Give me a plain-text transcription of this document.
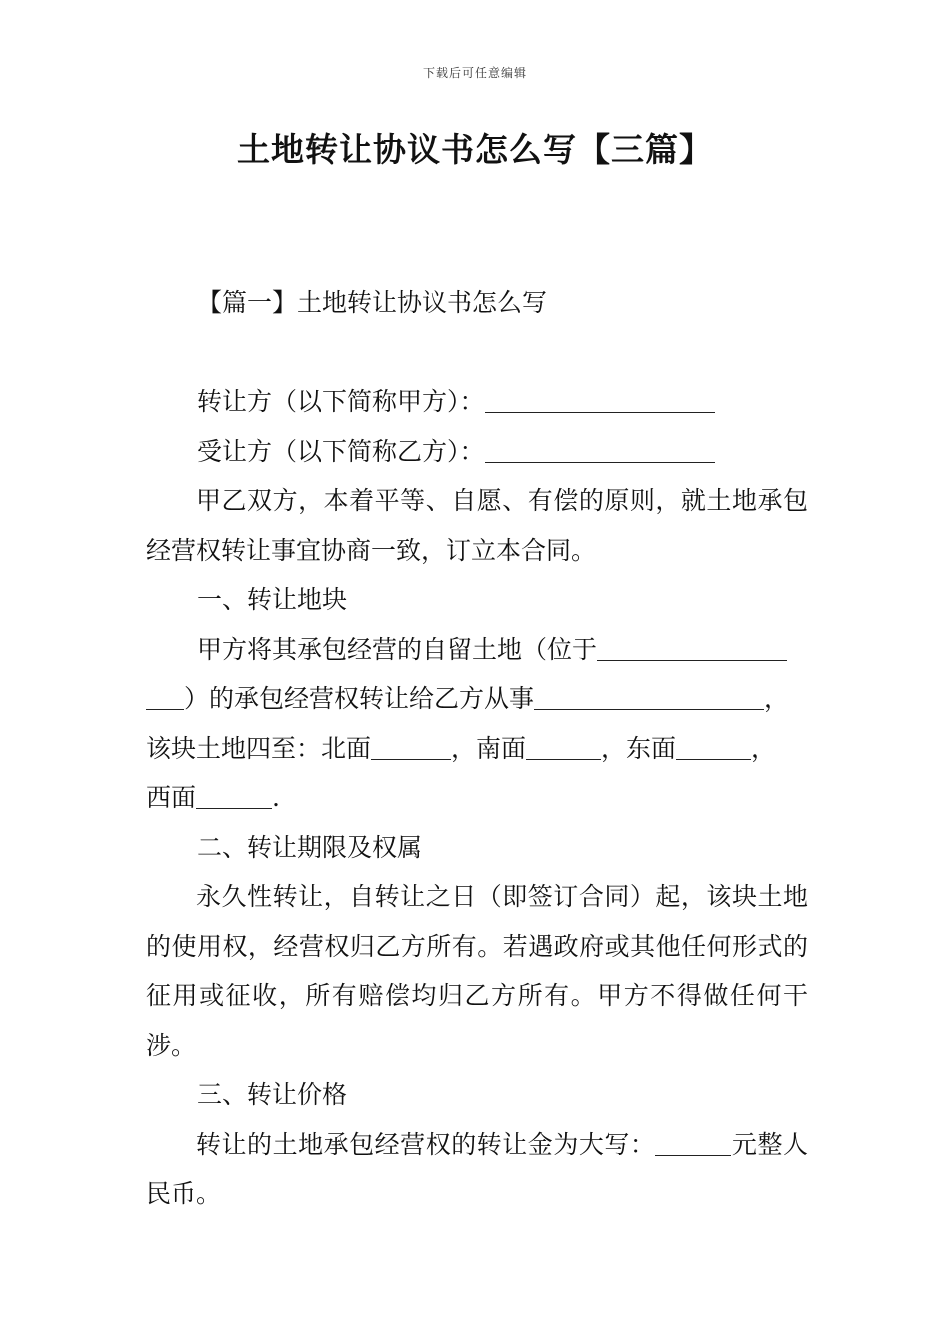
下载后可任意编辑
土地转让协议书怎么写【三篇】
【篇一】土地转让协议书怎么写

转让方（以下简称甲方）：

受让方（以下简称乙方）：

甲乙双方，本着平等、自愿、有偿的原则，就土地承包经营权转让事宜协商一致，订立本合同。

一、转让地块

甲方将其承包经营的自留土地（位于

）的承包经营权转让给乙方从事	，

该块土地四至：北面	，南面	，东面	，

西面	.

二、转让期限及权属

永久性转让，自转让之日（即签订合同）起，该块土地的使用权，经营权归乙方所有。若遇政府或其他任何形式的征用或征收，所有赔偿均归乙方所有。甲方不得做任何干涉。

三、转让价格

转让的土地承包经营权的转让金为大写：	元整人民币。
